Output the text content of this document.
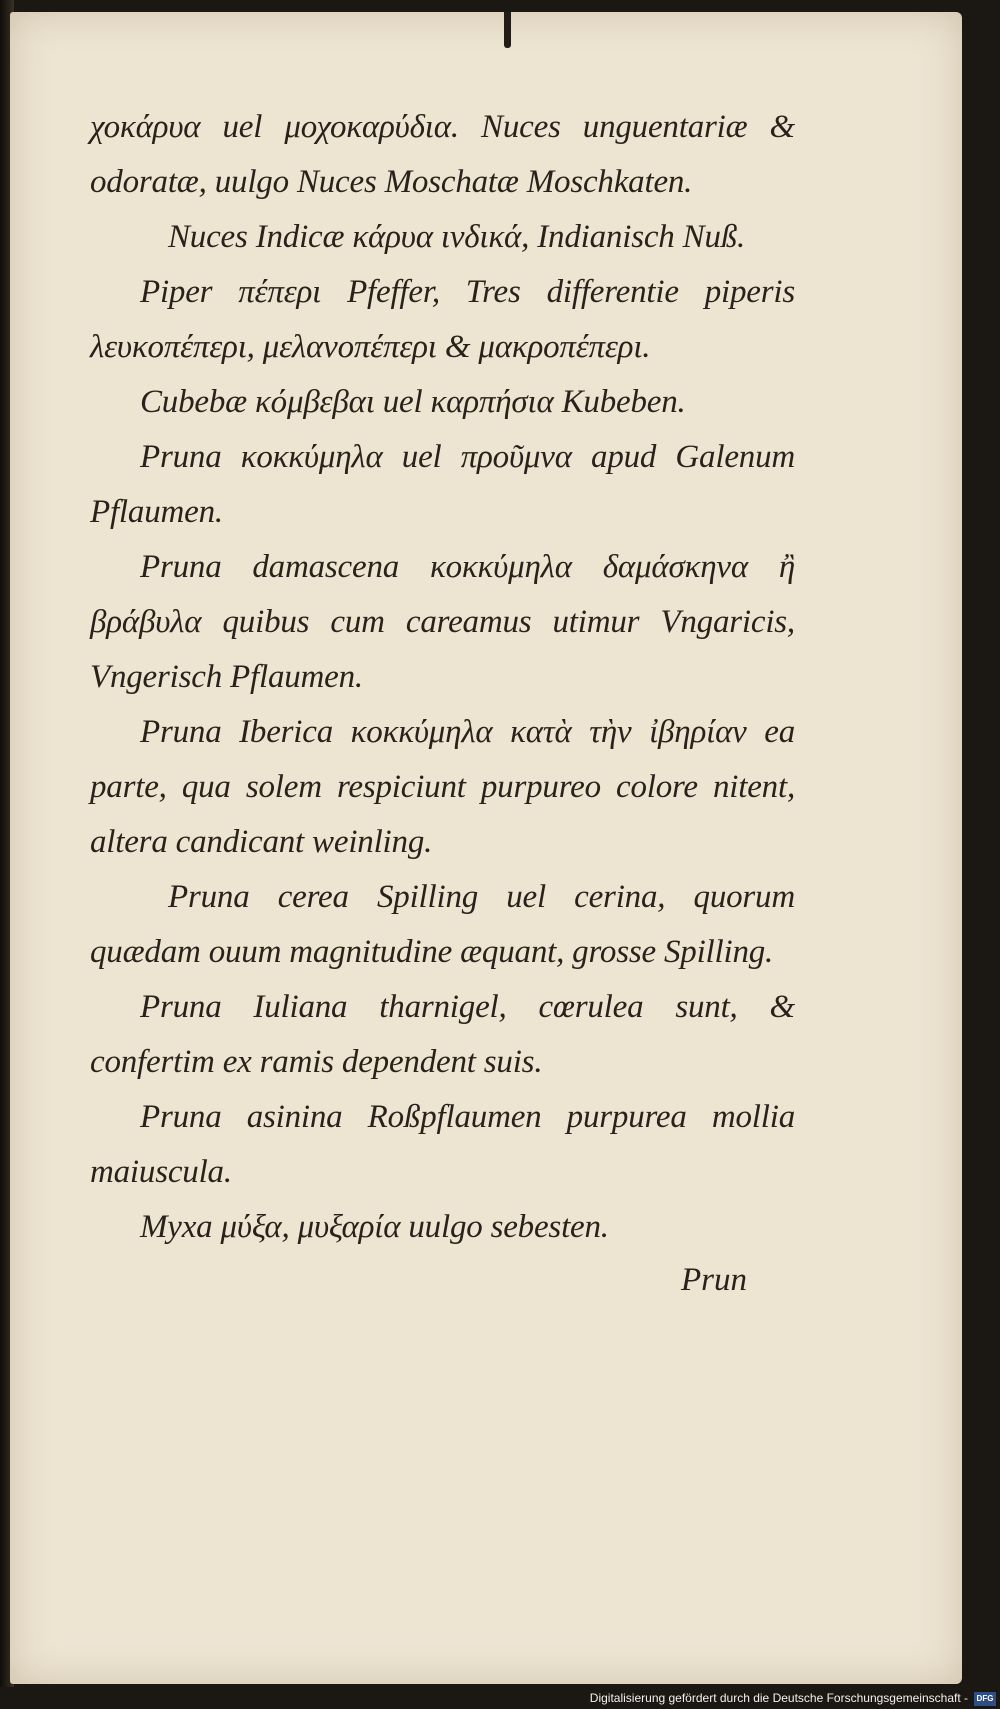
χοκάρυα uel μοχοκαρύδια. Nuces unguentariæ & odoratæ, uulgo Nuces Moschatæ Moschkaten.

Nuces Indicæ κάρυα ινδικά, Indianisch Nuß.

Piper πέπερι Pfeffer, Tres differentie piperis λευκοπέπερι, μελανοπέπερι & μακροπέπερι.

Cubebæ κόμβεβαι uel καρπήσια Kubeben.

Pruna κοκκύμηλα uel προῦμνα apud Galenum Pflaumen.

Pruna damascena κοκκύμηλα δαμάσκηνα ἢ βράβυλα quibus cum careamus utimur Vngaricis, Vngerisch Pflaumen.

Pruna Iberica κοκκύμηλα κατὰ τὴν ἰβηρίαν ea parte, qua solem respiciunt purpureo colore nitent, altera candicant weinling.

Pruna cerea Spilling uel cerina, quorum quædam ouum magnitudine æquant, grosse Spilling.

Pruna Iuliana tharnigel, cœrulea sunt, & confertim ex ramis dependent suis.

Pruna asinina Roßpflaumen purpurea mollia maiuscula.

Myxa μύξα, μυξαρία uulgo sebesten.

Prun
Digitalisierung gefördert durch die Deutsche Forschungsgemeinschaft -	DFG
